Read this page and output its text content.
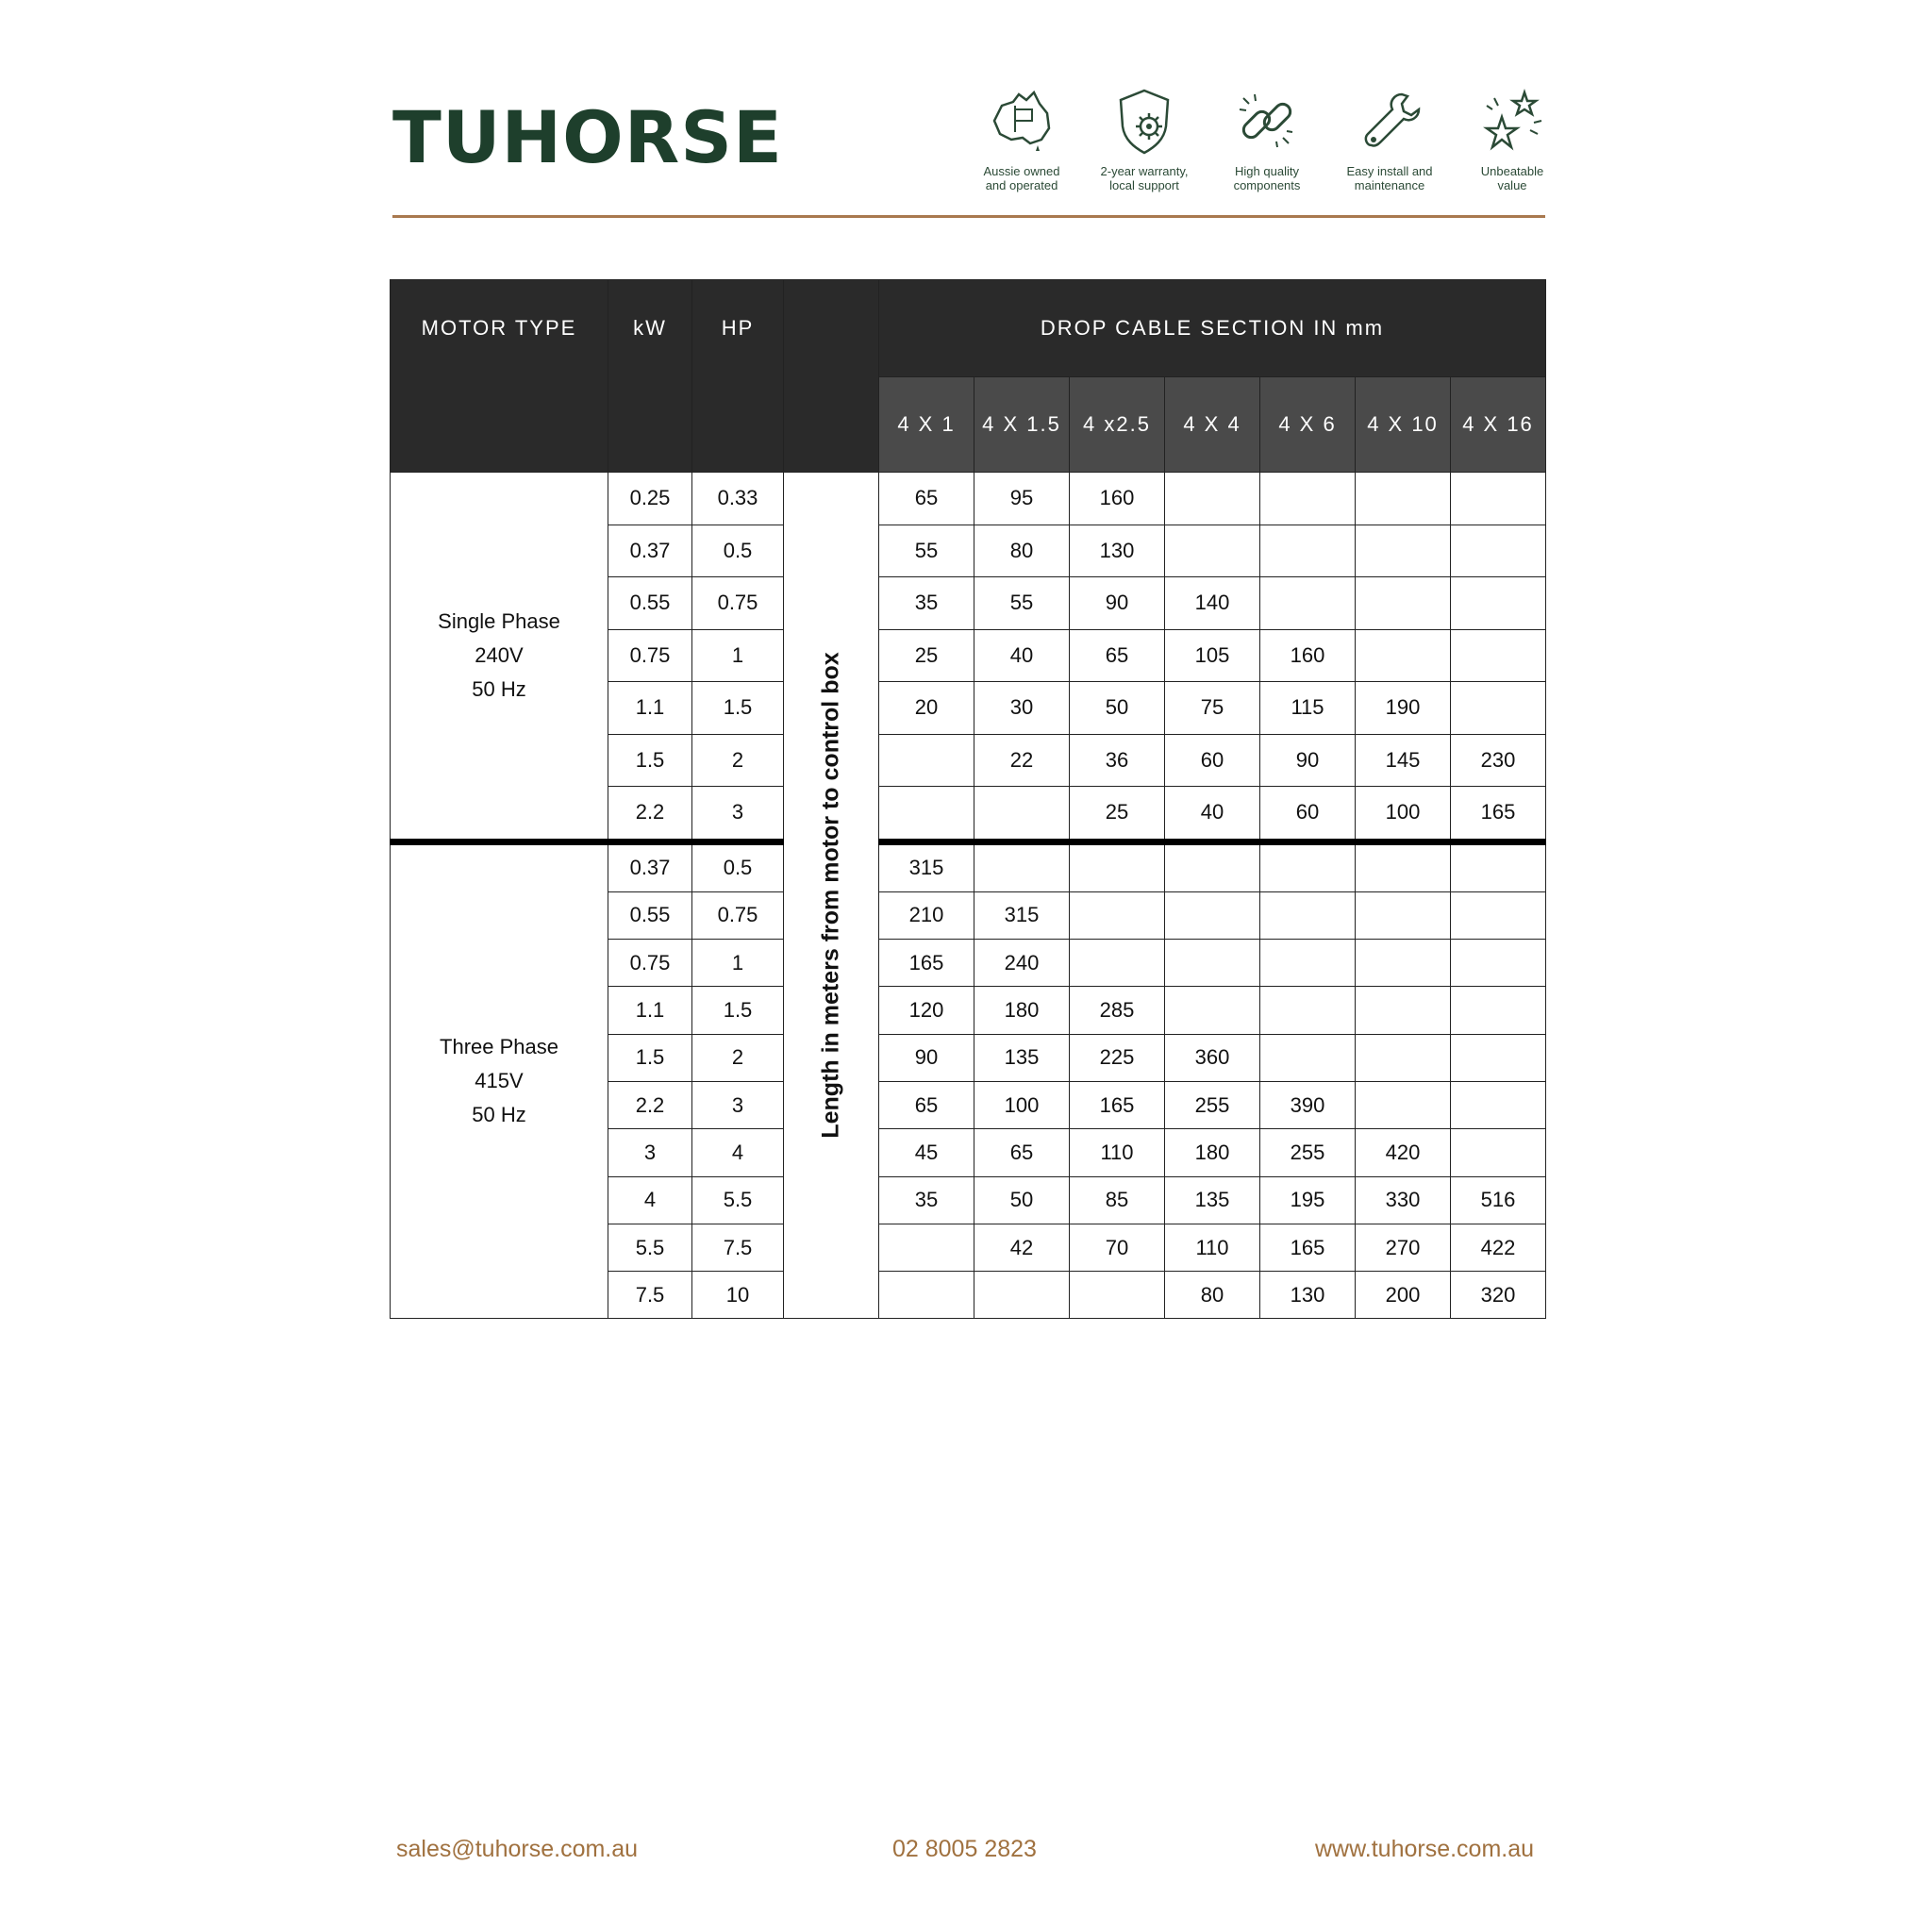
TUHORSE	Aussie owned
and operated
2-year warranty,
local support
High quality
components
Easy install and
maintenance
Unbeatable
value
MOTOR TYPE	kW	HP		DROP CABLE SECTION IN mm						
				4 X 1	4 X 1.5	4 x2.5	4 X 4	4 X 6	4 X 10	4 X 16

Single Phase
240V
50 Hz	0.25	0.33	Length in meters from motor to control box	65	95	160				
	0.37	0.5		55	80	130				
	0.55	0.75		35	55	90	140			
	0.75	1		25	40	65	105	160		
	1.1	1.5		20	30	50	75	115	190	
	1.5	2			22	36	60	90	145	230
	2.2	3				25	40	60	100	165

Three Phase
415V
50 Hz	0.37	0.5		315						
	0.55	0.75		210	315					
	0.75	1		165	240					
	1.1	1.5		120	180	285				
	1.5	2		90	135	225	360			
	2.2	3		65	100	165	255	390		
	3	4		45	65	110	180	255	420	
	4	5.5		35	50	85	135	195	330	516
	5.5	7.5			42	70	110	165	270	422
	7.5	10					80	130	200	320
sales@tuhorse.com.au	02 8005 2823	www.tuhorse.com.au
